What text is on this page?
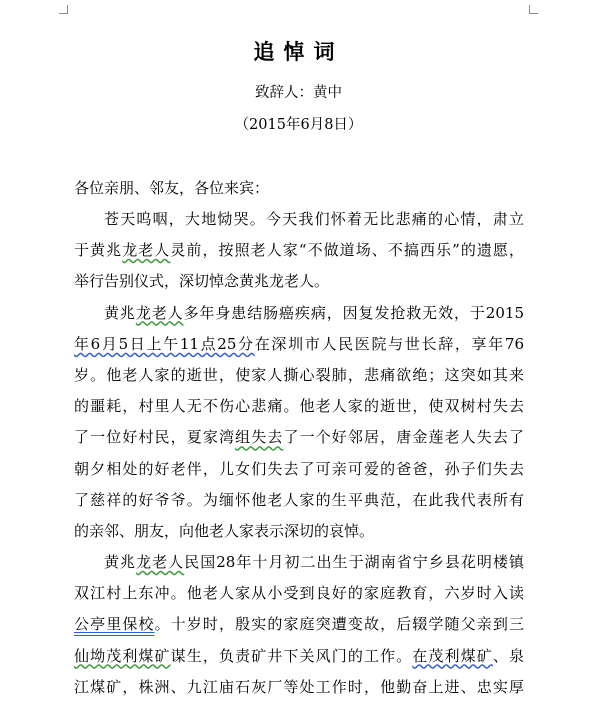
追悼词
致辞人：黄中
（2015年6月8日）
各位亲朋、邻友，各位来宾：
苍天呜咽，大地恸哭。今天我们怀着无比悲痛的心情，肃立
于黄兆龙老人灵前，按照老人家“不做道场、不搞西乐”的遗愿，
举行告别仪式，深切悼念黄兆龙老人。
黄兆龙老人多年身患结肠癌疾病，因复发抢救无效，于2015
年6月5日上午11点25分在深圳市人民医院与世长辞，享年76
岁。他老人家的逝世，使家人撕心裂肺，悲痛欲绝；这突如其来
的噩耗，村里人无不伤心悲痛。他老人家的逝世，使双树村失去
了一位好村民，夏家湾组失去了一个好邻居，唐金莲老人失去了
朝夕相处的好老伴，儿女们失去了可亲可爱的爸爸，孙子们失去
了慈祥的好爷爷。为缅怀他老人家的生平典范，在此我代表所有
的亲邻、朋友，向他老人家表示深切的哀悼。
黄兆龙老人民国28年十月初二出生于湖南省宁乡县花明楼镇
双江村上东冲。他老人家从小受到良好的家庭教育，六岁时入读
公亭里保校。十岁时，殷实的家庭突遭变故，后辍学随父亲到三
仙坳茂利煤矿谋生，负责矿井下关风门的工作。在茂利煤矿、泉
江煤矿，株洲、九江庙石灰厂等处工作时，他勤奋上进、忠实厚
